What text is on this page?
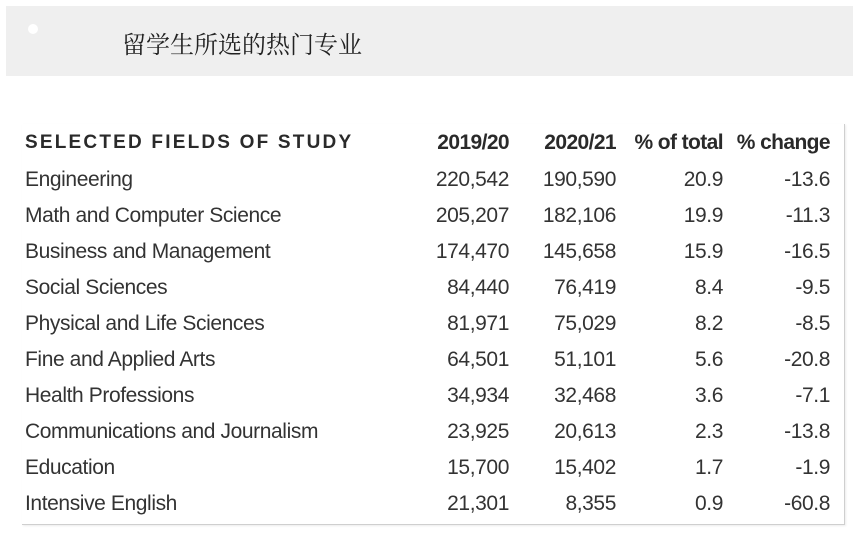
留学生所选的热门专业
SELECTED FIELDS OF STUDY	2019/20	2020/21	% of total	% change
Engineering	220,542	190,590	20.9	-13.6
Math and Computer Science	205,207	182,106	19.9	-11.3
Business and Management	174,470	145,658	15.9	-16.5
Social Sciences	84,440	76,419	8.4	-9.5
Physical and Life Sciences	81,971	75,029	8.2	-8.5
Fine and Applied Arts	64,501	51,101	5.6	-20.8
Health Professions	34,934	32,468	3.6	-7.1
Communications and Journalism	23,925	20,613	2.3	-13.8
Education	15,700	15,402	1.7	-1.9
Intensive English	21,301	8,355	0.9	-60.8
